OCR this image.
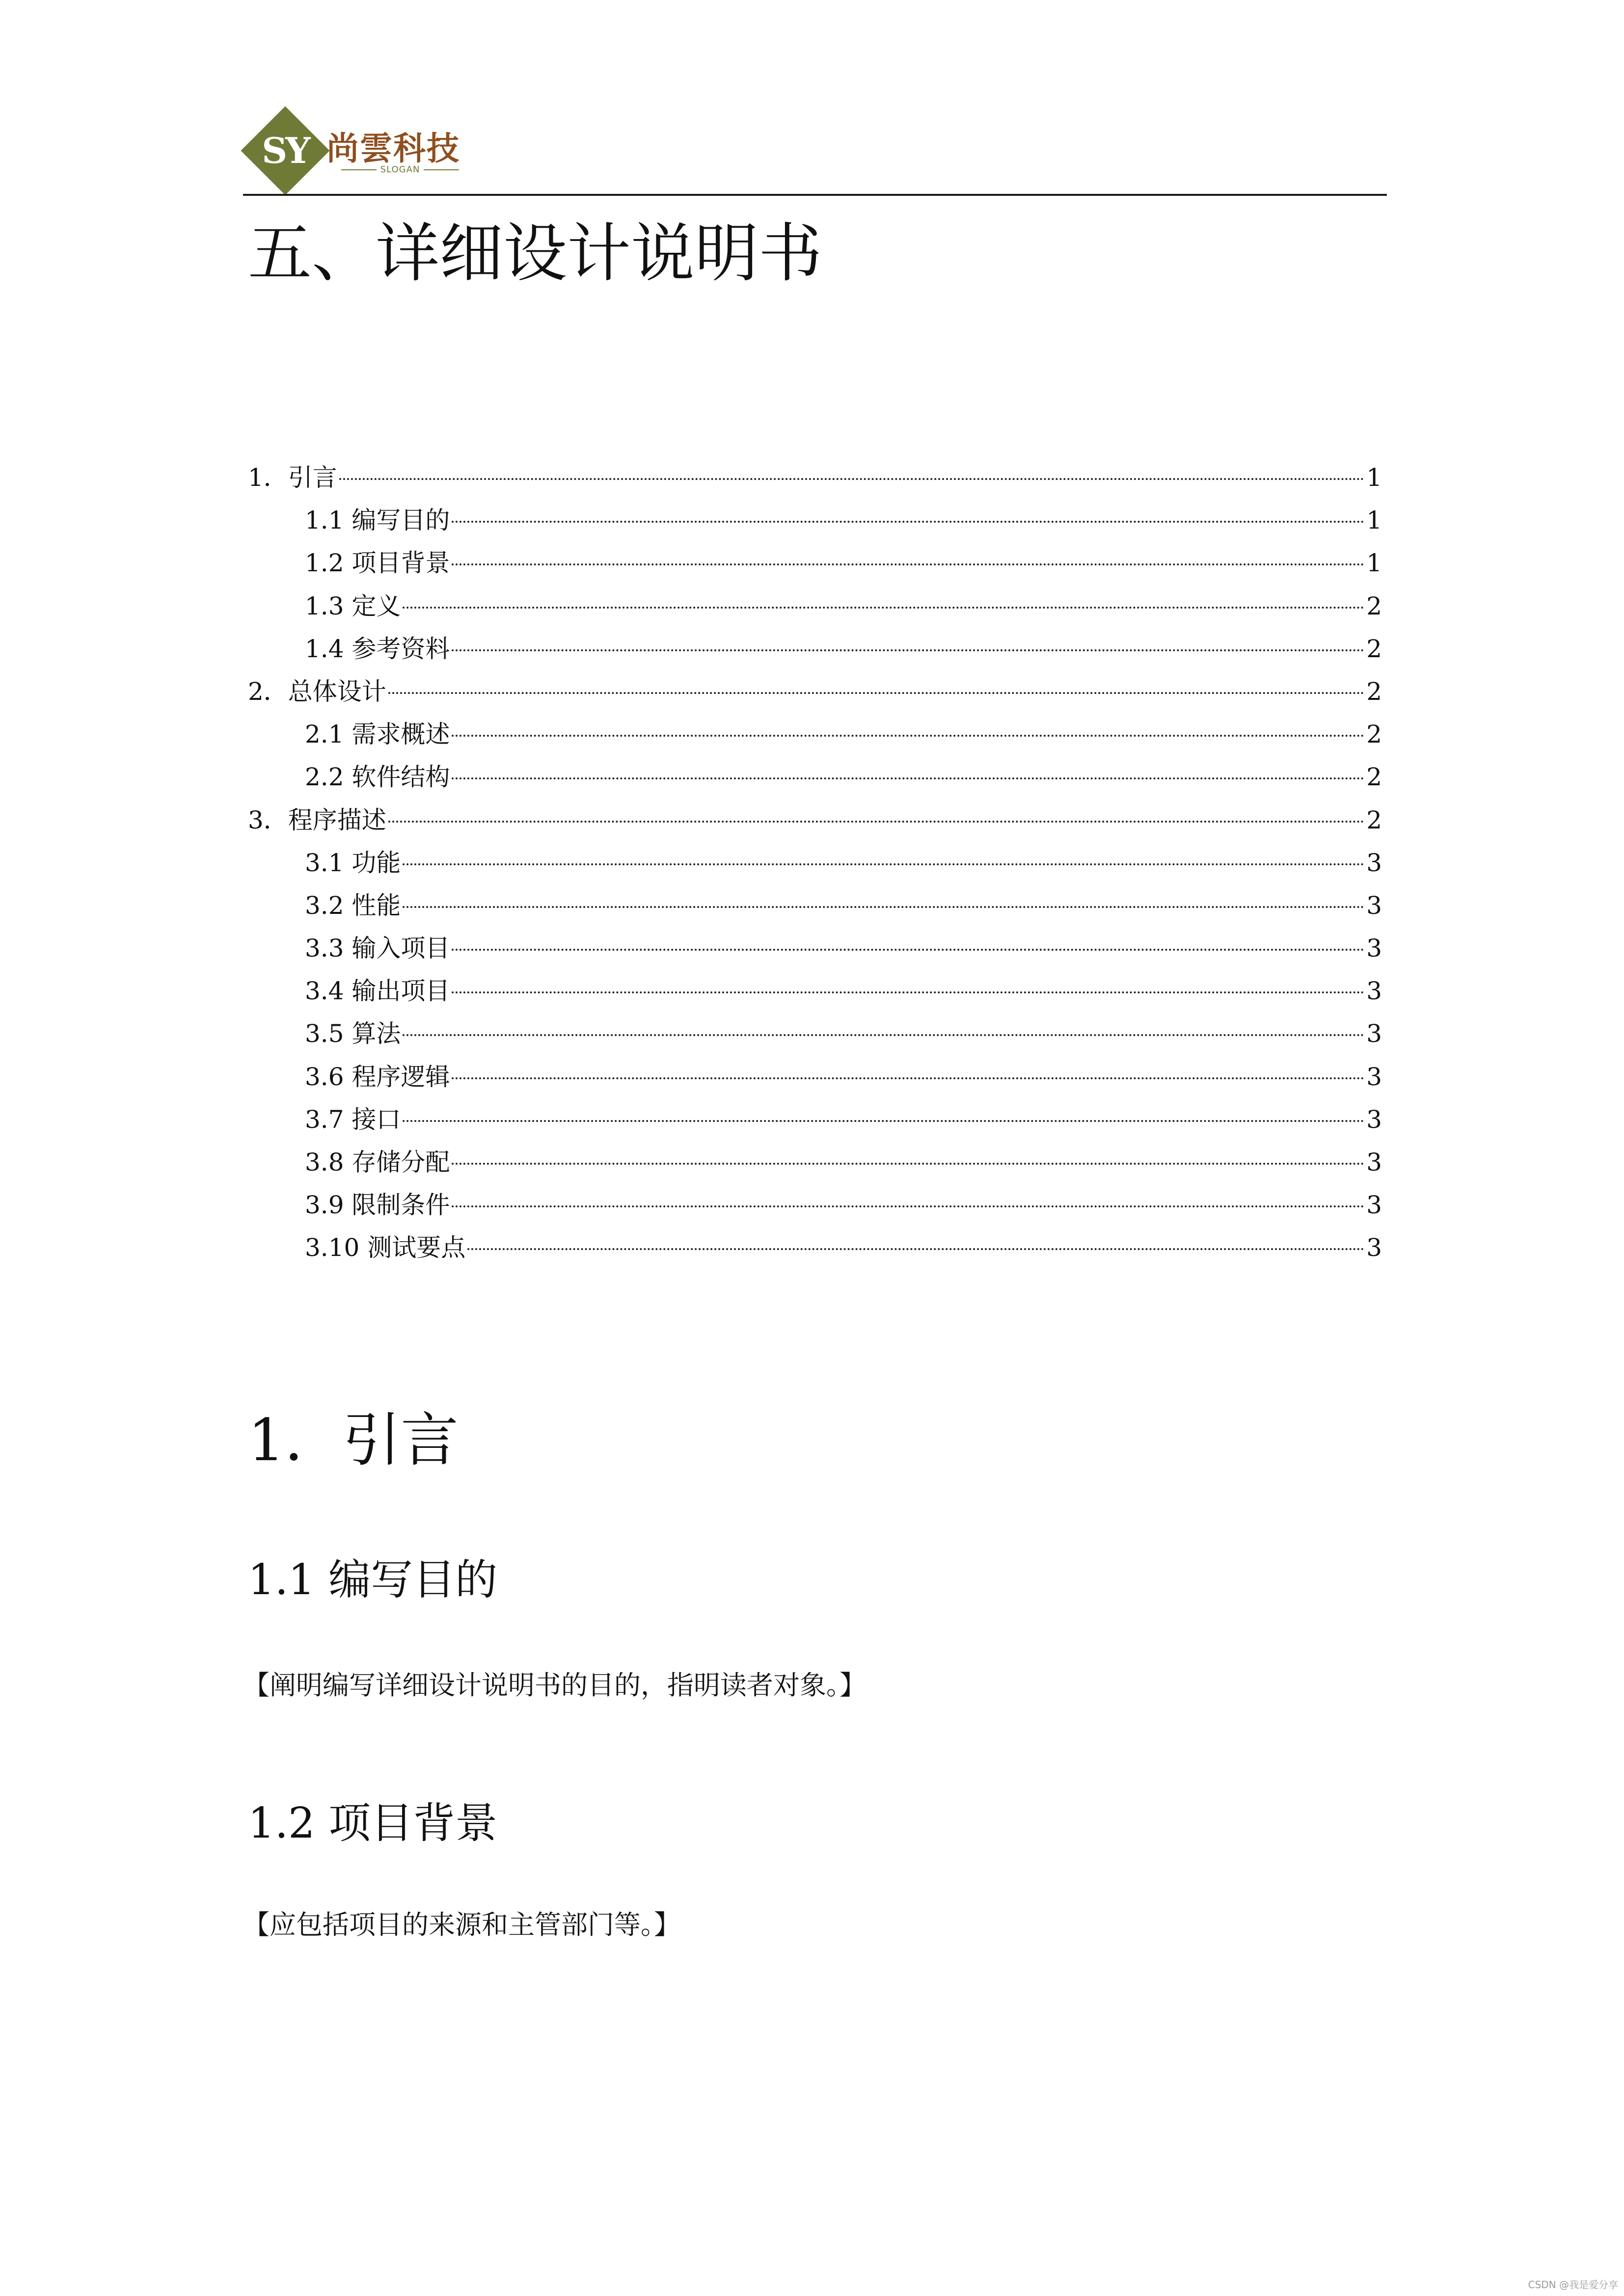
SY 尚雲科技
SLOGAN
五、详细设计说明书
1．引言	1
1.1 编写目的	1
1.2 项目背景	1
1.3 定义	2
1.4 参考资料	2
2．总体设计	2
2.1 需求概述	2
2.2 软件结构	2
3．程序描述	2
3.1 功能	3
3.2 性能	3
3.3 输入项目	3
3.4 输出项目	3
3.5 算法	3
3.6 程序逻辑	3
3.7 接口	3
3.8 存储分配	3
3.9 限制条件	3
3.10 测试要点	3
1．引言
1.1 编写目的

【阐明编写详细设计说明书的目的，指明读者对象。】

1.2 项目背景

【应包括项目的来源和主管部门等。】

CSDN @我是爱分享
